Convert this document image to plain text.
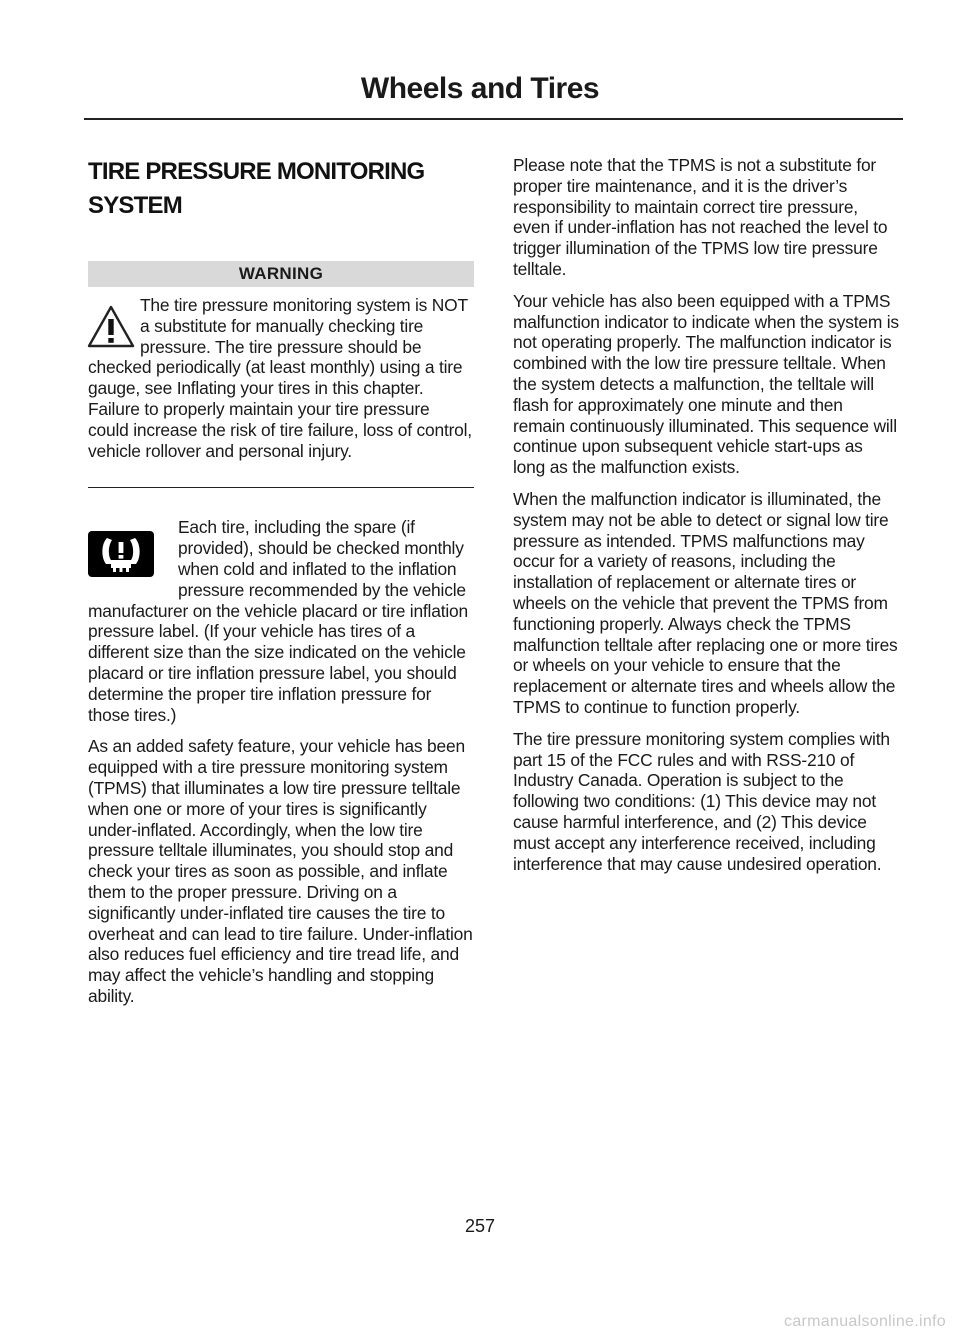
Wheels and Tires
TIRE PRESSURE MONITORING SYSTEM
WARNING

The tire pressure monitoring system is NOT a substitute for manually checking tire pressure. The tire pressure should be checked periodically (at least monthly) using a tire gauge, see Inflating your tires in this chapter. Failure to properly maintain your tire pressure could increase the risk of tire failure, loss of control, vehicle rollover and personal injury.

Each tire, including the spare (if provided), should be checked monthly when cold and inflated to the inflation pressure recommended by the vehicle manufacturer on the vehicle placard or tire inflation pressure label. (If your vehicle has tires of a different size than the size indicated on the vehicle placard or tire inflation pressure label, you should determine the proper tire inflation pressure for those tires.)

As an added safety feature, your vehicle has been equipped with a tire pressure monitoring system (TPMS) that illuminates a low tire pressure telltale when one or more of your tires is significantly under-inflated. Accordingly, when the low tire pressure telltale illuminates, you should stop and check your tires as soon as possible, and inflate them to the proper pressure. Driving on a significantly under-inflated tire causes the tire to overheat and can lead to tire failure. Under-inflation also reduces fuel efficiency and tire tread life, and may affect the vehicle’s handling and stopping ability.

Please note that the TPMS is not a substitute for proper tire maintenance, and it is the driver’s responsibility to maintain correct tire pressure, even if under-inflation has not reached the level to trigger illumination of the TPMS low tire pressure telltale.

Your vehicle has also been equipped with a TPMS malfunction indicator to indicate when the system is not operating properly. The malfunction indicator is combined with the low tire pressure telltale. When the system detects a malfunction, the telltale will flash for approximately one minute and then remain continuously illuminated. This sequence will continue upon subsequent vehicle start-ups as long as the malfunction exists.

When the malfunction indicator is illuminated, the system may not be able to detect or signal low tire pressure as intended. TPMS malfunctions may occur for a variety of reasons, including the installation of replacement or alternate tires or wheels on the vehicle that prevent the TPMS from functioning properly. Always check the TPMS malfunction telltale after replacing one or more tires or wheels on your vehicle to ensure that the replacement or alternate tires and wheels allow the TPMS to continue to function properly.

The tire pressure monitoring system complies with part 15 of the FCC rules and with RSS-210 of Industry Canada. Operation is subject to the following two conditions: (1) This device may not cause harmful interference, and (2) This device must accept any interference received, including interference that may cause undesired operation.

257
carmanualsonline.info
